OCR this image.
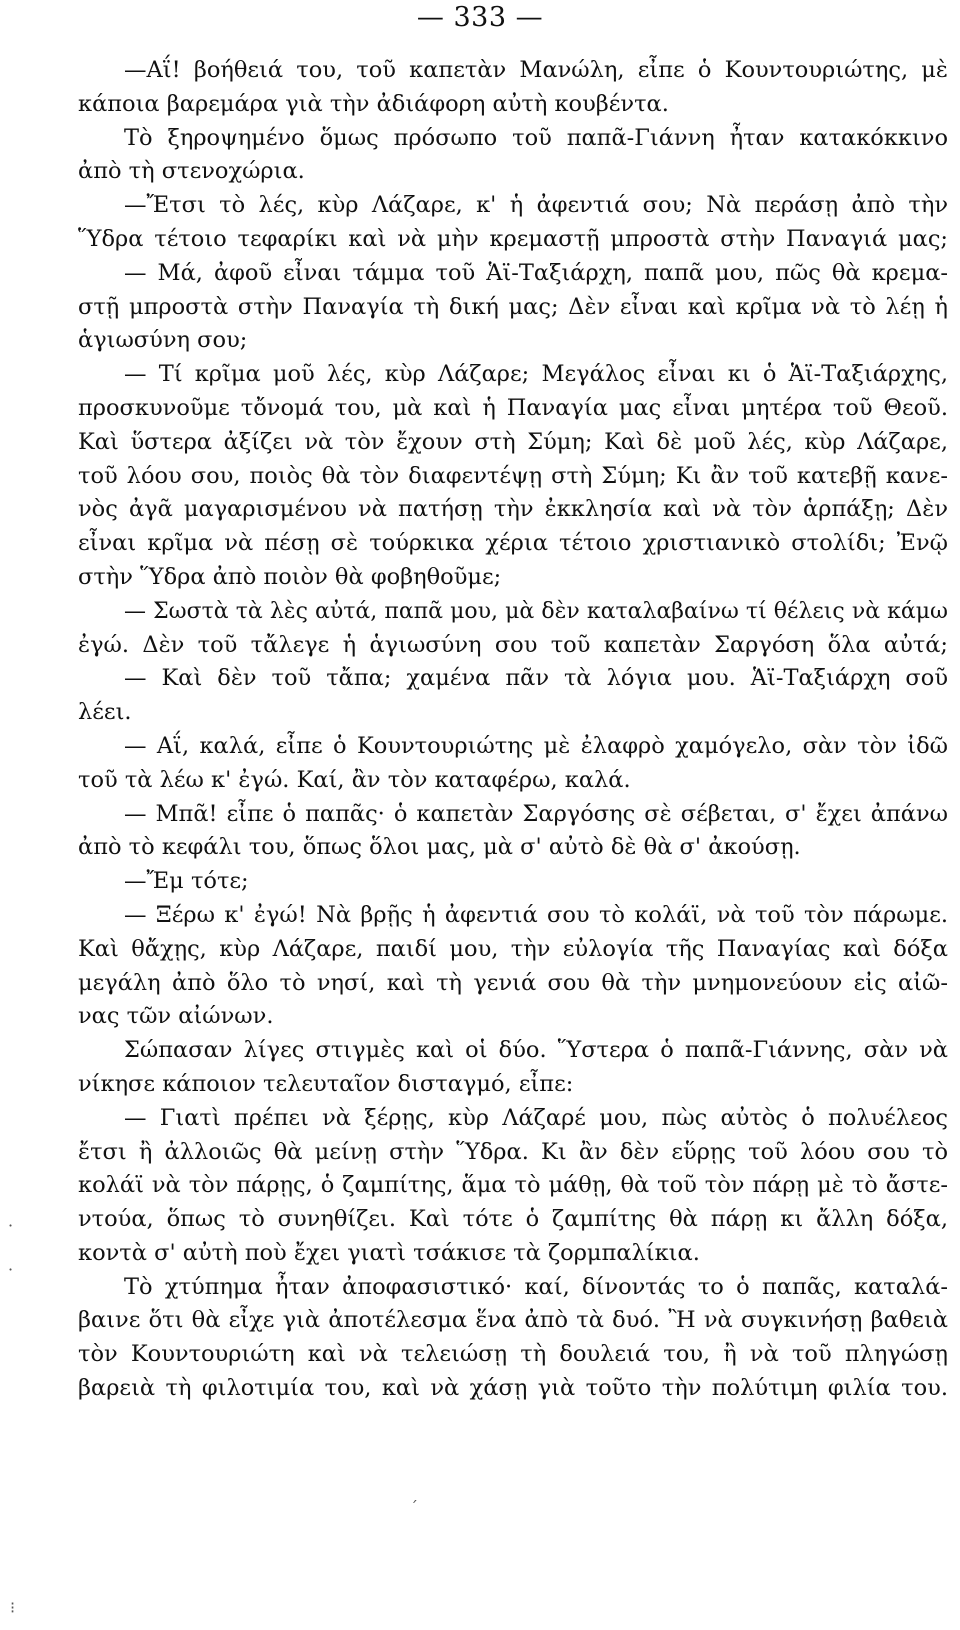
— 333 —
—Αΐ! βοήθειά του, τοῦ καπετὰν Μανώλη, εἶπε ὁ Κουντουριώτης, μὲ
κάποια βαρεμάρα γιὰ τὴν ἀδιάφορη αὐτὴ κουβέντα.
Τὸ ξηροψημένο ὅμως πρόσωπο τοῦ παπᾶ-Γιάννη ἦταν κατακόκκινο
ἀπὸ τὴ στενοχώρια.
—Ἔτσι τὸ λές, κὺρ Λάζαρε, κ' ἡ ἀφεντιά σου; Νὰ περάσῃ ἀπὸ τὴν
Ὕδρα τέτοιο τεφαρίκι καὶ νὰ μὴν κρεμαστῇ μπροστὰ στὴν Παναγιά μας;
— Μά, ἀφοῦ εἶναι τάμμα τοῦ Ἁϊ-Ταξιάρχη, παπᾶ μου, πῶς θὰ κρεμα-
στῇ μπροστὰ στὴν Παναγία τὴ δική μας; Δὲν εἶναι καὶ κρῖμα νὰ τὸ λέῃ ἡ
ἁγιωσύνη σου;
— Τί κρῖμα μοῦ λές, κὺρ Λάζαρε; Μεγάλος εἶναι κι ὁ Ἁϊ-Ταξιάρχης,
προσκυνοῦμε τὄνομά του, μὰ καὶ ἡ Παναγία μας εἶναι μητέρα τοῦ Θεοῦ.
Καὶ ὕστερα ἀξίζει νὰ τὸν ἔχουν στὴ Σύμη; Καὶ δὲ μοῦ λές, κὺρ Λάζαρε,
τοῦ λόου σου, ποιὸς θὰ τὸν διαφεντέψῃ στὴ Σύμη; Κι ἂν τοῦ κατεβῇ κανε-
νὸς ἀγᾶ μαγαρισμένου νὰ πατήσῃ τὴν ἐκκλησία καὶ νὰ τὸν ἁρπάξῃ; Δὲν
εἶναι κρῖμα νὰ πέσῃ σὲ τούρκικα χέρια τέτοιο χριστιανικὸ στολίδι; Ἐνῷ
στὴν Ὕδρα ἀπὸ ποιὸν θὰ φοβηθοῦμε;
— Σωστὰ τὰ λὲς αὐτά, παπᾶ μου, μὰ δὲν καταλαβαίνω τί θέλεις νὰ κάμω
ἐγώ. Δὲν τοῦ τἄλεγε ἡ ἁγιωσύνη σου τοῦ καπετὰν Σαργόση ὅλα αὐτά;
— Καὶ δὲν τοῦ τἄπα; χαμένα πᾶν τὰ λόγια μου. Ἁϊ-Ταξιάρχη σοῦ
λέει.
— Αΐ, καλά, εἶπε ὁ Κουντουριώτης μὲ ἐλαφρὸ χαμόγελο, σὰν τὸν ἰδῶ
τοῦ τὰ λέω κ' ἐγώ. Καί, ἂν τὸν καταφέρω, καλά.
— Μπᾶ! εἶπε ὁ παπᾶς· ὁ καπετὰν Σαργόσης σὲ σέβεται, σ' ἔχει ἀπάνω
ἀπὸ τὸ κεφάλι του, ὅπως ὅλοι μας, μὰ σ' αὐτὸ δὲ θὰ σ' ἀκούσῃ.
—Ἔμ τότε;
— Ξέρω κ' ἐγώ! Νὰ βρῇς ἡ ἀφεντιά σου τὸ κολάϊ, νὰ τοῦ τὸν πάρωμε.
Καὶ θἄχῃς, κὺρ Λάζαρε, παιδί μου, τὴν εὐλογία τῆς Παναγίας καὶ δόξα
μεγάλη ἀπὸ ὅλο τὸ νησί, καὶ τὴ γενιά σου θὰ τὴν μνημονεύουν εἰς αἰῶ-
νας τῶν αἰώνων.
Σώπασαν λίγες στιγμὲς καὶ οἱ δύο. Ὕστερα ὁ παπᾶ-Γιάννης, σὰν νὰ
νίκησε κάποιον τελευταῖον δισταγμό, εἶπε:
— Γιατὶ πρέπει νὰ ξέρῃς, κὺρ Λάζαρέ μου, πὼς αὐτὸς ὁ πολυέλεος
ἔτσι ἢ ἀλλοιῶς θὰ μείνῃ στὴν Ὕδρα. Κι ἂν δὲν εὕρῃς τοῦ λόου σου τὸ
κολάϊ νὰ τὸν πάρῃς, ὁ ζαμπίτης, ἅμα τὸ μάθῃ, θὰ τοῦ τὸν πάρῃ μὲ τὸ ἄστε-
ντούα, ὅπως τὸ συνηθίζει. Καὶ τότε ὁ ζαμπίτης θὰ πάρῃ κι ἄλλη δόξα,
κοντὰ σ' αὐτὴ ποὺ ἔχει γιατὶ τσάκισε τὰ ζορμπαλίκια.
Τὸ χτύπημα ἦταν ἀποφασιστικό· καί, δίνοντάς το ὁ παπᾶς, καταλά-
βαινε ὅτι θὰ εἶχε γιὰ ἀποτέλεσμα ἕνα ἀπὸ τὰ δυό. Ἢ νὰ συγκινήσῃ βαθειὰ
τὸν Κουντουριώτη καὶ νὰ τελειώσῃ τὴ δουλειά του, ἢ νὰ τοῦ πληγώσῃ
βαρειὰ τὴ φιλοτιμία του, καὶ νὰ χάσῃ γιὰ τοῦτο τὴν πολύτιμη φιλία του.
·
·
⁝
ˊ
